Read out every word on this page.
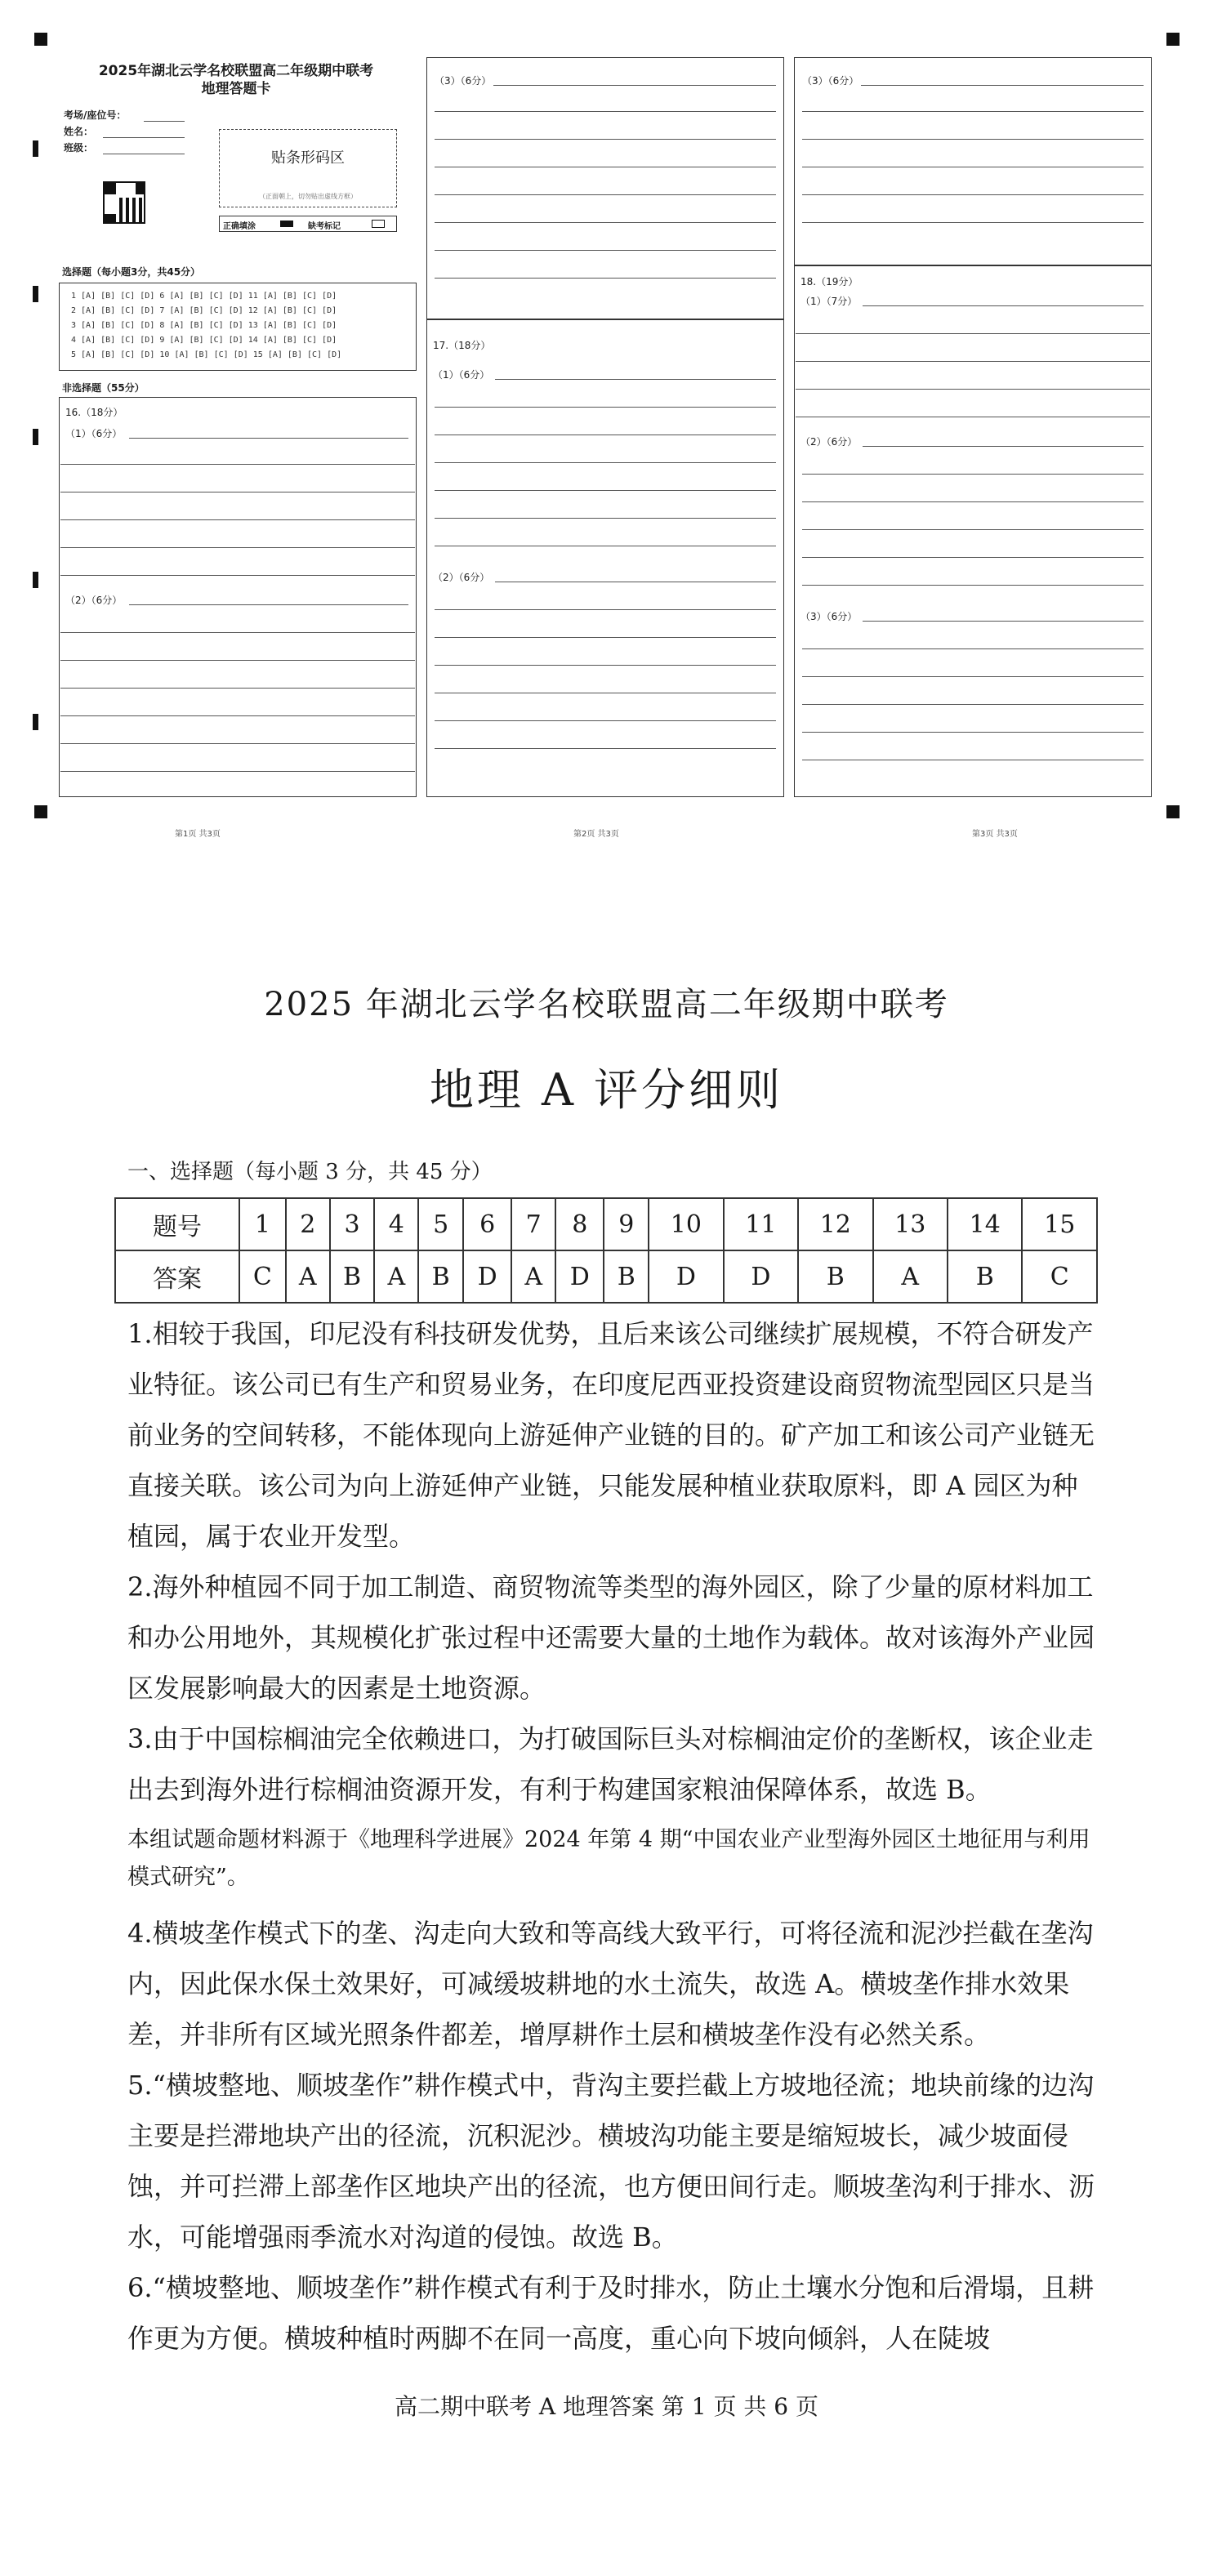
2025年湖北云学名校联盟高二年级期中联考
地理答题卡
考场/座位号：
姓名：
班级：
贴条形码区
（正面朝上，切勿贴出虚线方框）
正确填涂	缺考标记
选择题（每小题3分，共45分）
1 [A] [B] [C] [D] 6 [A] [B] [C] [D] 11 [A] [B] [C] [D]
2 [A] [B] [C] [D] 7 [A] [B] [C] [D] 12 [A] [B] [C] [D]
3 [A] [B] [C] [D] 8 [A] [B] [C] [D] 13 [A] [B] [C] [D]
4 [A] [B] [C] [D] 9 [A] [B] [C] [D] 14 [A] [B] [C] [D]
5 [A] [B] [C] [D] 10 [A] [B] [C] [D] 15 [A] [B] [C] [D]
非选择题（55分）
16.（18分）
（1）（6分）
（2）（6分）
（3）（6分）
17.（18分）
（1）（6分）
（2）（6分）
（3）（6分）
18.（19分）
（1）（7分）
（2）（6分）
（3）（6分）
第1页 共3页	第2页 共3页	第3页 共3页
2025 年湖北云学名校联盟高二年级期中联考
地理 A 评分细则
一、选择题（每小题 3 分，共 45 分）
题号	1	2	3	4	5	6	7	8	9	10	11	12	13	14	15
答案	C	A	B	A	B	D	A	D	B	D	D	B	A	B	C
1.相较于我国，印尼没有科技研发优势，且后来该公司继续扩展规模，不符合研发产业特征。该公司已有生产和贸易业务，在印度尼西亚投资建设商贸物流型园区只是当前业务的空间转移，不能体现向上游延伸产业链的目的。矿产加工和该公司产业链无直接关联。该公司为向上游延伸产业链，只能发展种植业获取原料，即 A 园区为种植园，属于农业开发型。
2.海外种植园不同于加工制造、商贸物流等类型的海外园区，除了少量的原材料加工和办公用地外，其规模化扩张过程中还需要大量的土地作为载体。故对该海外产业园区发展影响最大的因素是土地资源。
3.由于中国棕榈油完全依赖进口，为打破国际巨头对棕榈油定价的垄断权，该企业走出去到海外进行棕榈油资源开发，有利于构建国家粮油保障体系，故选 B。
本组试题命题材料源于《地理科学进展》2024 年第 4 期“中国农业产业型海外园区土地征用与利用模式研究”。
4.横坡垄作模式下的垄、沟走向大致和等高线大致平行，可将径流和泥沙拦截在垄沟内，因此保水保土效果好，可减缓坡耕地的水土流失，故选 A。横坡垄作排水效果差，并非所有区域光照条件都差，增厚耕作土层和横坡垄作没有必然关系。
5.“横坡整地、顺坡垄作”耕作模式中，背沟主要拦截上方坡地径流；地块前缘的边沟主要是拦滞地块产出的径流，沉积泥沙。横坡沟功能主要是缩短坡长，减少坡面侵蚀，并可拦滞上部垄作区地块产出的径流，也方便田间行走。顺坡垄沟利于排水、沥水，可能增强雨季流水对沟道的侵蚀。故选 B。
6.“横坡整地、顺坡垄作”耕作模式有利于及时排水，防止土壤水分饱和后滑塌，且耕作更为方便。横坡种植时两脚不在同一高度，重心向下坡向倾斜，人在陡坡
高二期中联考 A 地理答案 第 1 页 共 6 页
